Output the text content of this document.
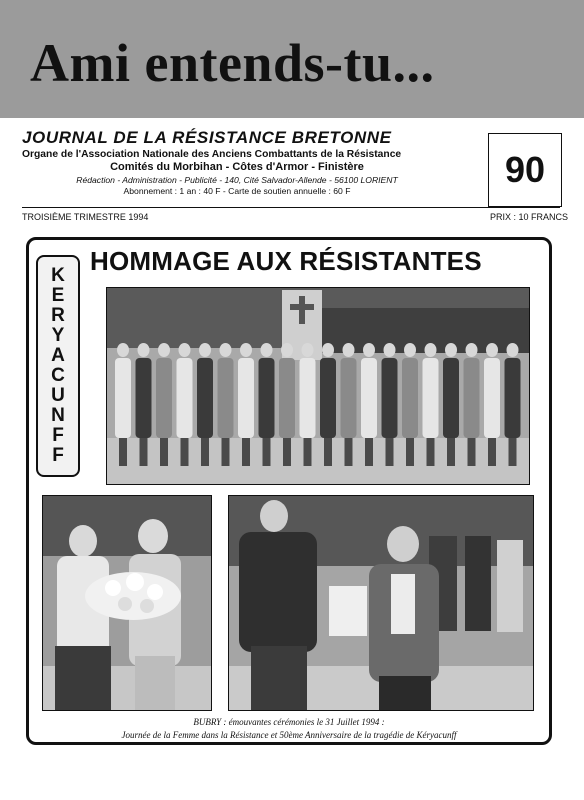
Ami entends-tu...
JOURNAL DE LA RÉSISTANCE BRETONNE
Organe de l'Association Nationale des Anciens Combattants de la Résistance
Comités du Morbihan - Côtes d'Armor - Finistère
Rédaction - Administration - Publicité - 140, Cité Salvador-Allende - 56100 LORIENT
Abonnement : 1 an : 40 F - Carte de soutien annuelle : 60 F
90
TROISIÈME TRIMESTRE 1994	PRIX : 10 FRANCS
HOMMAGE AUX RÉSISTANTES
K
E
R
Y
A
C
U
N
F
F
BUBRY : émouvantes cérémonies le 31 Juillet 1994 :
Journée de la Femme dans la Résistance et 50ème Anniversaire de la tragédie de Kéryacunff
